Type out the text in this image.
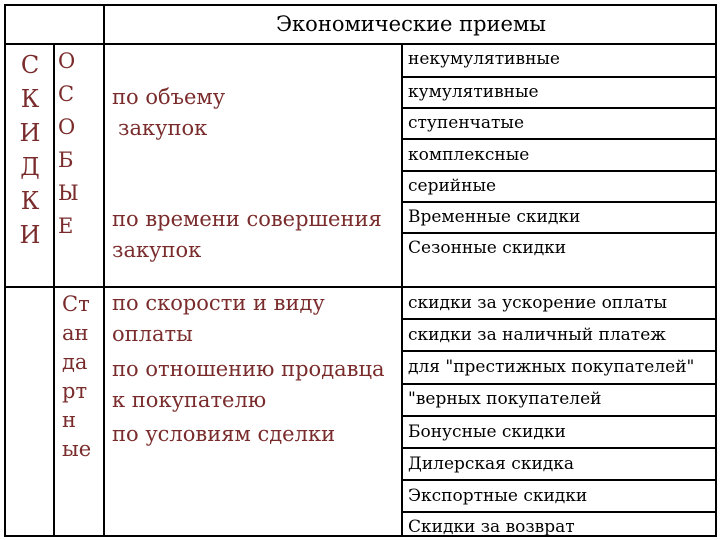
Экономические приемы
С
К
И
Д
К
И
О
С
О
Б
Ы
Е
Ст
ан
да
рт
н
ые
по объему
закупок
по времени совершения
закупок
по скорости и виду
оплаты
по отношению продавца
к покупателю
по условиям сделки
некумулятивные
кумулятивные
ступенчатые
комплексные
серийные
Временные скидки
Сезонные скидки
скидки за ускорение оплаты
скидки за наличный платеж
для "престижных покупателей"
"верных покупателей
Бонусные скидки
Дилерская скидка
Экспортные скидки
Скидки за возврат
